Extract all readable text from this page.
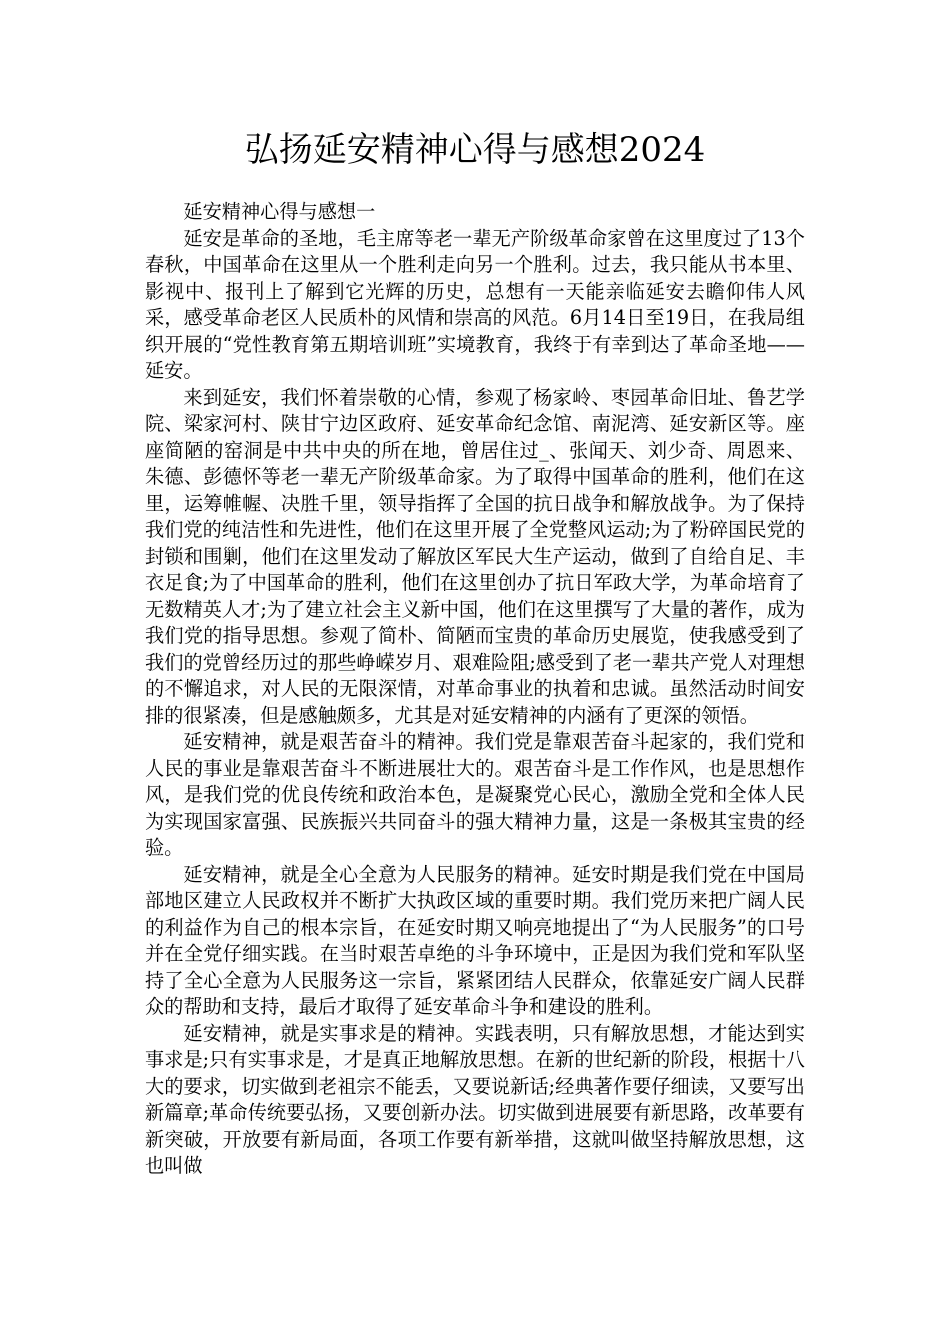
弘扬延安精神心得与感想2024

延安精神心得与感想一

延安是革命的圣地，毛主席等老一辈无产阶级革命家曾在这里度过了13个春秋，中国革命在这里从一个胜利走向另一个胜利。过去，我只能从书本里、影视中、报刊上了解到它光辉的历史，总想有一天能亲临延安去瞻仰伟人风采，感受革命老区人民质朴的风情和崇高的风范。6月14日至19日，在我局组织开展的“党性教育第五期培训班”实境教育，我终于有幸到达了革命圣地——延安。

来到延安，我们怀着崇敬的心情，参观了杨家岭、枣园革命旧址、鲁艺学院、梁家河村、陕甘宁边区政府、延安革命纪念馆、南泥湾、延安新区等。座座简陋的窑洞是中共中央的所在地，曾居住过_、张闻天、刘少奇、周恩来、朱德、彭德怀等老一辈无产阶级革命家。为了取得中国革命的胜利，他们在这里，运筹帷幄、决胜千里，领导指挥了全国的抗日战争和解放战争。为了保持我们党的纯洁性和先进性，他们在这里开展了全党整风运动;为了粉碎国民党的封锁和围剿，他们在这里发动了解放区军民大生产运动，做到了自给自足、丰衣足食;为了中国革命的胜利，他们在这里创办了抗日军政大学，为革命培育了无数精英人才;为了建立社会主义新中国，他们在这里撰写了大量的著作，成为我们党的指导思想。参观了简朴、简陋而宝贵的革命历史展览，使我感受到了我们的党曾经历过的那些峥嵘岁月、艰难险阻;感受到了老一辈共产党人对理想的不懈追求，对人民的无限深情，对革命事业的执着和忠诚。虽然活动时间安排的很紧凑，但是感触颇多，尤其是对延安精神的内涵有了更深的领悟。

延安精神，就是艰苦奋斗的精神。我们党是靠艰苦奋斗起家的，我们党和人民的事业是靠艰苦奋斗不断进展壮大的。艰苦奋斗是工作作风，也是思想作风，是我们党的优良传统和政治本色，是凝聚党心民心，激励全党和全体人民为实现国家富强、民族振兴共同奋斗的强大精神力量，这是一条极其宝贵的经验。

延安精神，就是全心全意为人民服务的精神。延安时期是我们党在中国局部地区建立人民政权并不断扩大执政区域的重要时期。我们党历来把广阔人民的利益作为自己的根本宗旨，在延安时期又响亮地提出了“为人民服务”的口号并在全党仔细实践。在当时艰苦卓绝的斗争环境中，正是因为我们党和军队坚持了全心全意为人民服务这一宗旨，紧紧团结人民群众，依靠延安广阔人民群众的帮助和支持，最后才取得了延安革命斗争和建设的胜利。

延安精神，就是实事求是的精神。实践表明，只有解放思想，才能达到实事求是;只有实事求是，才是真正地解放思想。在新的世纪新的阶段，根据十八大的要求，切实做到老祖宗不能丢，又要说新话;经典著作要仔细读，又要写出新篇章;革命传统要弘扬，又要创新办法。切实做到进展要有新思路，改革要有新突破，开放要有新局面，各项工作要有新举措，这就叫做坚持解放思想，这也叫做
